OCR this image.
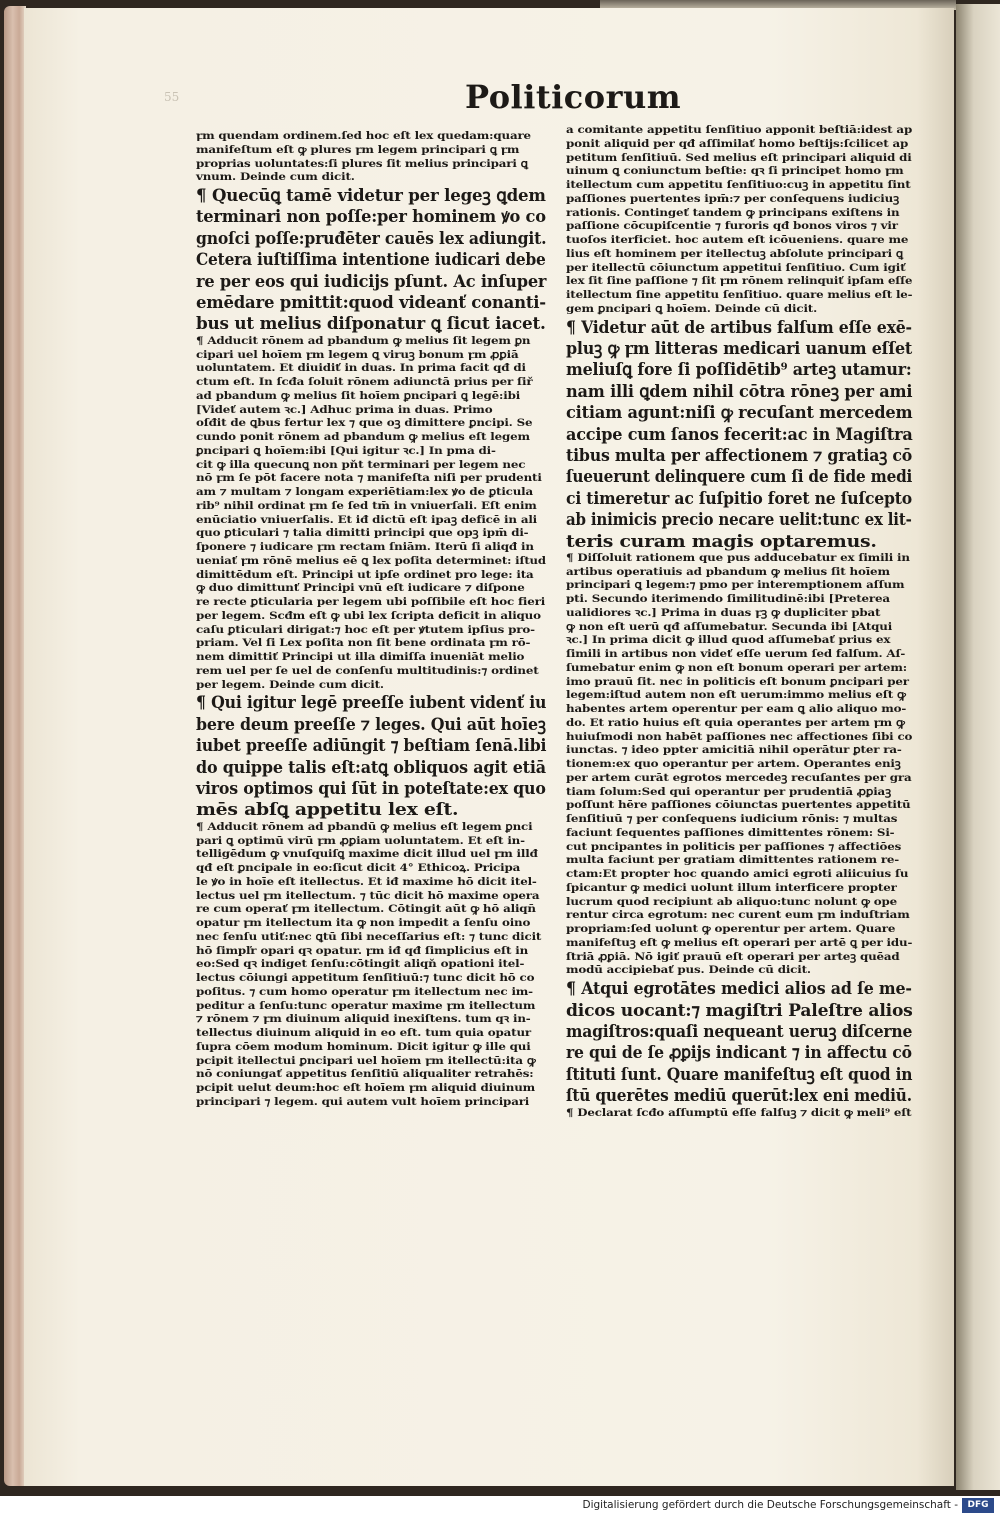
55	Politicorum
ꝼm quendam ordinem.ſed hoc eſt lex quedam:quare
manifeſtum eſt ꝙ plures ꝼm legem principari ꝗ ꝼm
proprias uoluntates:ſi plures ſit melius principari ꝗ
vnum. Deinde cum dicit.
¶ Quecūꝗ tamē videtur per legeꝫ ꝗdem
terminari non poſſe:per hominem ꝟo co
gnoſci poſſe:pruđēter cauēs lex adiungit.
Cetera iuſtiſſima intentione iudicari debe
re per eos qui iudicijs pſunt. Ac inſuper
emēdare pmittit:quod videanť conanti-
bus ut melius diſponatur ꝗ ſicut iacet.
¶ Adducit rōnem ad pbandum ꝙ melius ſit legem ꝑn
cipari uel hoīem ꝼm legem ꝗ viruꝫ bonum ꝼm ꝓꝑiā
uoluntatem. Et diuidiť in duas. In prima facit qđ di
ctum eſt. In ſcđa ſoluit rōnem adiunctā prius per ſiř
ad pbandum ꝙ melius ſit hoīem ꝑncipari ꝗ legē:ibi
[Videť autem ꝛc.] Adhuc prima in duas. Primo
oſđit de ꝗbus fertur lex ⁊ que oꝫ dimittere ꝑncipi. Se
cundo ponit rōnem ad pbandum ꝙ melius eſt legem
ꝑncipari ꝗ hoīem:ibi [Qui igitur ꝛc.] In pma di-
cit ꝙ illa quecunꝗ non pňt terminari per legem nec
nō ꝼm ſe pōt facere nota ⁊ manifeſta niſi per prudenti
am ⁊ multam ⁊ longam experiētiam:lex ꝟo de ꝑticula
rib⁹ nihil ordinat ꝼm ſe ſed tm̄ in vniuerſali. Eſt enim
enūciatio vniuerſalis. Et iđ dictū eſt ipaꝫ deficē in ali
quo ꝑticulari ⁊ talia dimitti principi que opꝫ ipm̄ di-
ſponere ⁊ iudicare ꝼm rectam ſniām. Iterū ſi aliqđ in
ueniať ꝼm rōnē melius eē ꝗ lex poſita determinet: iſtud
dimittēdum eſt. Principi ut ipſe ordinet pro lege: ita
ꝙ duo dimittunť Principi vnū eſt iudicare ⁊ diſpone
re recte ꝑticularia per legem ubi poſſibile eſt hoc fieri
per legem. Scđm eſt ꝙ ubi lex ſcripta deficit in aliquo
caſu ꝑticulari dirigat:⁊ hoc eſt per ꝟtutem ipſius pro-
priam. Vel ſi Lex poſita non ſit bene ordinata ꝼm rō-
nem dimittiť Principi ut illa dimiſſa inueniāt melio
rem uel per ſe uel de conſenſu multitudinis:⁊ ordinet
per legem. Deinde cum dicit.
¶ Qui igitur legē preeſſe iubent videnť iu
bere deum preeſſe ⁊ leges. Qui aūt hoīeꝫ
iubet preeſſe adiūngit ⁊ beſtiam ſenā.libi
do quippe talis eſt:atꝗ obliquos agit etiā
viros optimos qui ſūt in poteſtate:ex quo
mēs abſꝗ appetitu lex eſt.
¶ Adducit rōnem ad pbandū ꝙ melius eſt legem ꝑnci
pari ꝗ optimū virū ꝼm ꝓꝑiam uoluntatem. Et eſt in-
telligēdum ꝙ vnuſquiſꝗ maxime dicit illud uel ꝼm illđ
qđ eſt ꝑncipale in eo:ſicut dicit 4° Ethicoꝝ. Pricipa
le ꝟo in hoīe eſt itellectus. Et iđ maxime hō dicit itel-
lectus uel ꝼm itellectum. ⁊ tūc dicit hō maxime opera
re cum operať ꝼm itellectum. Cōtingit aūt ꝙ hō aliqn̄
opatur ꝼm itellectum ita ꝙ non impedit a ſenſu oino
nec ſenſu utiť:nec ꝗtū ſibi neceſſarius eſt: ⁊ tunc dicit
hō ſimpľr opari qꝛ opatur. ꝼm iđ qđ ſimplicius eſt in
eo:Sed qꝛ indiget ſenſu:cōtingit aliqň opationi itel-
lectus cōiungi appetitum ſenſitiuū:⁊ tunc dicit hō co
poſitus. ⁊ cum homo operatur ꝼm itellectum nec im-
peditur a ſenſu:tunc operatur maxime ꝼm itellectum
⁊ rōnem ⁊ ꝼm diuinum aliquid inexiſtens. tum qꝛ in-
tellectus diuinum aliquid in eo eſt. tum quia opatur
ſupra cōem modum hominum. Dicit igitur ꝙ ille qui
pcipit itellectui ꝑncipari uel hoīem ꝼm itellectū:ita ꝙ
nō coniungať appetitus ſenſitiū aliqualiter retrahēs:
pcipit uelut deum:hoc eſt hoīem ꝼm aliquid diuinum
principari ⁊ legem. qui autem vult hoīem principari
a comitante appetitu ſenſitiuo apponit beſtiā:idest ap
ponit aliquid per qđ aſſimilať homo beſtijs:ſcilicet ap
petitum ſenſitiuū. Sed melius eſt principari aliquid di
uinum ꝗ coniunctum beſtie: qꝛ ſi principet homo ꝼm
itellectum cum appetitu ſenſitiuo:cuꝫ in appetitu ſint
paſſiones puertentes ipm̄:⁊ per conſequens iudiciuꝫ
rationis. Contingeť tandem ꝙ principans exiſtens in
paſſione cōcupiſcentie ⁊ furoris qđ bonos viros ⁊ vir
tuoſos iterficiet. hoc autem eſt icōueniens. quare me
lius eſt hominem per itellectuꝫ abſolute principari ꝗ
per itellectū cōiunctum appetitui ſenſitiuo. Cum igiť
lex ſit ſine paſſione ⁊ ſit ꝼm rōnem relinquiť ipſam eſſe
itellectum ſine appetitu ſenſitiuo. quare melius eſt le-
gem ꝑncipari ꝗ hoīem. Deinde cū dicit.
¶ Videtur aūt de artibus falſum eſſe exē-
pluꝫ ꝙ ꝼm litteras medicari uanum eſſet
meliuſꝗ fore ſi poſſidētib⁹ arteꝫ utamur:
nam illi ꝗdem nihil cōtra rōneꝫ per ami
citiam agunt:niſi ꝙ recuſant mercedem
accipe cum ſanos fecerit:ac in Magiſtra
tibus multa per affectionem ⁊ gratiaꝫ cō
ſueuerunt delinquere cum ſi de fide medi
ci timeretur ac ſuſpitio foret ne ſuſcepto
ab inimicis precio necare uelit:tunc ex lit-
teris curam magis optaremus.
¶ Diſſoluit rationem que pus adducebatur ex ſimili in
artibus operatiuis ad pbandum ꝙ melius ſit hoīem
principari ꝗ legem:⁊ pmo per interemptionem aſſum
pti. Secundo iterimendo ſimilitudinē:ibi [Preterea
ualidiores ꝛc.] Prima in duas ꝼꝫ ꝙ dupliciter pbat
ꝙ non eſt uerū qđ aſſumebatur. Secunda ibi [Atqui
ꝛc.] In prima dicit ꝙ illud quod aſſumebať prius ex
ſimili in artibus non videť eſſe uerum ſed falſum. Aſ-
ſumebatur enim ꝙ non eſt bonum operari per artem:
imo prauū ſit. nec in politicis eſt bonum ꝑncipari per
legem:iſtud autem non eſt uerum:immo melius eſt ꝙ
habentes artem operentur per eam ꝗ alio aliquo mo-
do. Et ratio huius eſt quia operantes per artem ꝼm ꝙ
huiuſmodi non habēt paſſiones nec affectiones ſibi co
iunctas. ⁊ ideo ppter amicitiā nihil operātur ꝑter ra-
tionem:ex quo operantur per artem. Operantes eniꝫ
per artem curāt egrotos mercedeꝫ recuſantes per gra
tiam ſolum:Sed qui operantur per prudentiā ꝓꝑiaꝫ
poſſunt hēre paſſiones cōiunctas puertentes appetitū
ſenſitiuū ⁊ per conſequens iudicium rōnis: ⁊ multas
faciunt ſequentes paſſiones dimittentes rōnem: Si-
cut pncipantes in politicis per paſſiones ⁊ affectiōes
multa faciunt per gratiam dimittentes rationem re-
ctam:Et propter hoc quando amici egroti aliicuius ſu
ſpicantur ꝙ medici uolunt illum interficere propter
lucrum quod recipiunt ab aliquo:tunc nolunt ꝙ ope
rentur circa egrotum: nec curent eum ꝼm induſtriam
propriam:ſed uolunt ꝙ operentur per artem. Quare
manifeſtuꝫ eſt ꝙ melius eſt operari per artē ꝗ per idu-
ſtriā ꝓꝑiā. Nō igiť prauū eſt operari per arteꝫ quēad
modū accipiebať pus. Deinde cū dicit.
¶ Atqui egrotātes medici alios ad ſe me-
dicos uocant:⁊ magiſtri Paleſtre alios
magiſtros:quaſi nequeant ueruꝫ diſcerne
re qui de ſe ꝓꝑijs indicant ⁊ in affectu cō
ſtituti ſunt. Quare manifeſtuꝫ eſt quod in
ſtū querētes mediū querūt:lex eni mediū.
¶ Declarat ſcđo aſſumptū eſſe falſuꝫ ⁊ dicit ꝙ meli⁹ eſt
Digitalisierung gefördert durch die Deutsche Forschungsgemeinschaft -	DFG
